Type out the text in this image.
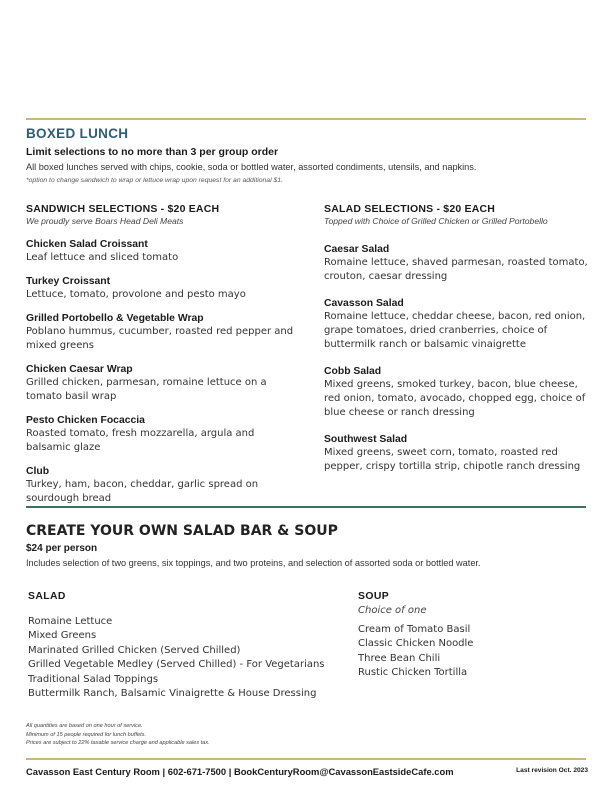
BOXED LUNCH
Limit selections to no more than 3 per group order
All boxed lunches served with chips, cookie, soda or bottled water, assorted condiments, utensils, and napkins.
*option to change sandwich to wrap or lettuce wrap upon request for an additional $1.
SANDWICH SELECTIONS - $20 EACH
We proudly serve Boars Head Deli Meats
Chicken Salad Croissant
Leaf lettuce and sliced tomato
Turkey Croissant
Lettuce, tomato, provolone and pesto mayo
Grilled Portobello & Vegetable Wrap
Poblano hummus, cucumber, roasted red pepper and mixed greens
Chicken Caesar Wrap
Grilled chicken, parmesan, romaine lettuce on a tomato basil wrap
Pesto Chicken Focaccia
Roasted tomato, fresh mozzarella, argula and balsamic glaze
Club
Turkey, ham, bacon, cheddar, garlic spread on sourdough bread
SALAD SELECTIONS - $20 EACH
Topped with Choice of Grilled Chicken or Grilled Portobello
Caesar Salad
Romaine lettuce, shaved parmesan, roasted tomato, crouton, caesar dressing
Cavasson Salad
Romaine lettuce, cheddar cheese, bacon, red onion, grape tomatoes, dried cranberries, choice of buttermilk ranch or balsamic vinaigrette
Cobb Salad
Mixed greens, smoked turkey, bacon, blue cheese, red onion, tomato, avocado, chopped egg, choice of blue cheese or ranch dressing
Southwest Salad
Mixed greens, sweet corn, tomato, roasted red pepper, crispy tortilla strip, chipotle ranch dressing
CREATE YOUR OWN SALAD BAR & SOUP
$24 per person
Includes selection of two greens, six toppings, and two proteins, and selection of assorted soda or bottled water.
SALAD
Romaine Lettuce
Mixed Greens
Marinated Grilled Chicken (Served Chilled)
Grilled Vegetable Medley (Served Chilled) - For Vegetarians
Traditional Salad Toppings
Buttermilk Ranch, Balsamic Vinaigrette & House Dressing
SOUP
Choice of one
Cream of Tomato Basil
Classic Chicken Noodle
Three Bean Chili
Rustic Chicken Tortilla
All quantities are based on one hour of service.
Minimum of 15 people required for lunch buffets.
Prices are subject to 22% taxable service charge and applicable sales tax.
Cavasson East Century Room | 602-671-7500 | BookCenturyRoom@CavassonEastsideCafe.com	Last revision Oct. 2023
